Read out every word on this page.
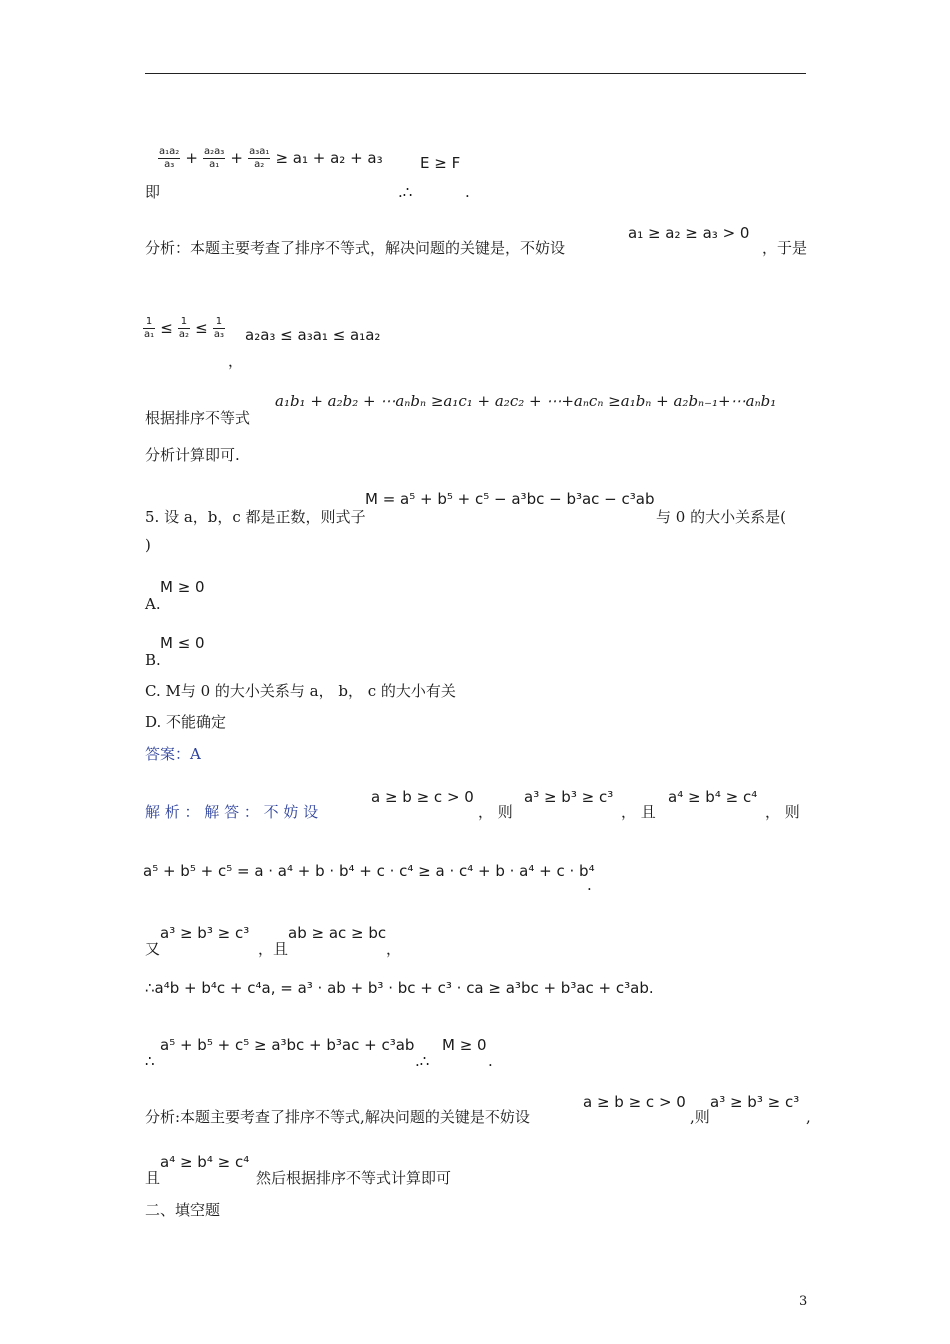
$\frac{\text{a₁a₂}}{\text{a₃}} + \frac{\text{a₂a₃}}{\text{a₁}} + \frac{\text{a₃a₁}}{\text{a₂}} \ge a_1 + a_2 + a_3$ E ≥ F
即	.∴	.
分析：本题主要考查了排序不等式，解决问题的关键是，不妨设
a₁ ≥ a₂ ≥ a₃ > 0
，于是
$\frac{1}{\text{a₁}} \le \frac{1}{\text{a₂}} \le \frac{1}{\text{a₃}} a_2a_3 \le a_3a_1 \le a_1a_2$
，
根据排序不等式
a₁b₁ + a₂b₂ + ⋯aₙbₙ ≥a₁c₁ + a₂c₂ + ⋯+aₙcₙ ≥a₁bₙ + a₂bₙ₋₁+⋯aₙb₁
分析计算即可.
5. 设 a，b，c 都是正数，则式子
M = a⁵ + b⁵ + c⁵ − a³bc − b³ac − c³ab
与 0 的大小关系是(
)
M ≥ 0
A.
M ≤ 0
B.
C. M与 0 的大小关系与 a， b， c 的大小有关
D. 不能确定
答案：A
解 析 ： 解 答 ： 不 妨 设
a ≥ b ≥ c > 0
， 则
a³ ≥ b³ ≥ c³
， 且
a⁴ ≥ b⁴ ≥ c⁴
， 则
a⁵ + b⁵ + c⁵ = a · a⁴ + b · b⁴ + c · c⁴ ≥ a · c⁴ + b · a⁴ + c · b⁴
.
又
a³ ≥ b³ ≥ c³
，且
ab ≥ ac ≥ bc
，
∴a⁴b + b⁴c + c⁴a, = a³ · ab + b³ · bc + c³ · ca ≥ a³bc + b³ac + c³ab.
∴
a⁵ + b⁵ + c⁵ ≥ a³bc + b³ac + c³ab
.∴
M ≥ 0
.
分析:本题主要考查了排序不等式,解决问题的关键是不妨设
a ≥ b ≥ c > 0
,则
a³ ≥ b³ ≥ c³
,
且
a⁴ ≥ b⁴ ≥ c⁴
然后根据排序不等式计算即可
二、填空题
3
